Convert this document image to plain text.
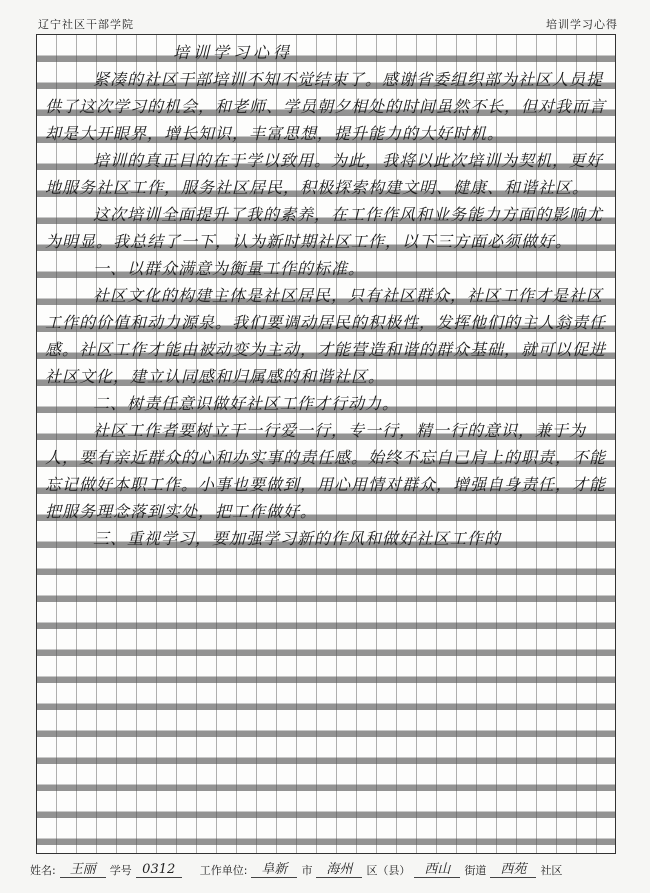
辽宁社区干部学院	培训学习心得
培训学习心得
紧凑的社区干部培训不知不觉结束了。感谢省委组织部为社区人员提供了这次学习的机会，和老师、学员朝夕相处的时间虽然不长，但对我而言却是大开眼界，增长知识，丰富思想，提升能力的大好时机。
培训的真正目的在于学以致用。为此，我将以此次培训为契机，更好地服务社区工作，服务社区居民，积极探索构建文明、健康、和谐社区。
这次培训全面提升了我的素养，在工作作风和业务能力方面的影响尤为明显。我总结了一下，认为新时期社区工作，以下三方面必须做好。
一、以群众满意为衡量工作的标准。
社区文化的构建主体是社区居民，只有社区群众，社区工作才是社区工作的价值和动力源泉。我们要调动居民的积极性，发挥他们的主人翁责任感。社区工作才能由被动变为主动，才能营造和谐的群众基础，就可以促进社区文化，建立认同感和归属感的和谐社区。
二、树责任意识做好社区工作才行动力。
社区工作者要树立干一行爱一行，专一行，精一行的意识，兼于为人，要有亲近群众的心和办实事的责任感。始终不忘自己肩上的职责，不能忘记做好本职工作。小事也要做到，用心用情对群众，增强自身责任，才能把服务理念落到实处，把工作做好。
三、重视学习，要加强学习新的作风和做好社区工作的
姓名:	王丽	学号 0312	工作单位:	阜新	市	海州	区（县）	西山	街道	西苑	社区
